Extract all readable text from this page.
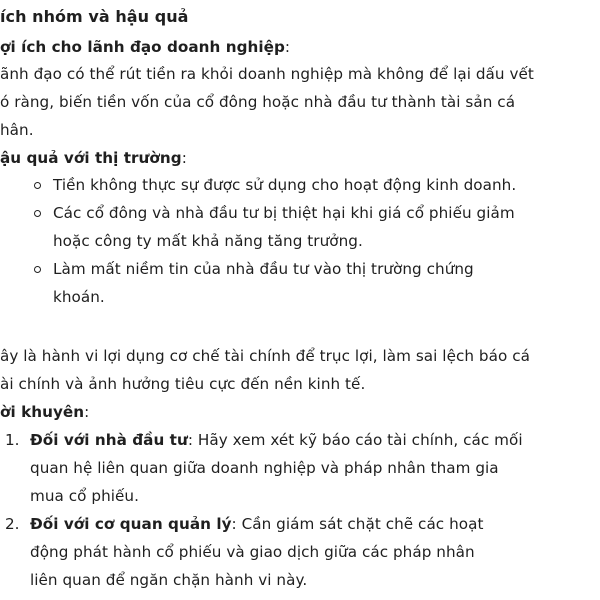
ích nhóm và hậu quả
ợi ích cho lãnh đạo doanh nghiệp:
ãnh đạo có thể rút tiền ra khỏi doanh nghiệp mà không để lại dấu vết
ó ràng, biến tiền vốn của cổ đông hoặc nhà đầu tư thành tài sản cá
hân.
ậu quả với thị trường:
Tiền không thực sự được sử dụng cho hoạt động kinh doanh.
Các cổ đông và nhà đầu tư bị thiệt hại khi giá cổ phiếu giảm
hoặc công ty mất khả năng tăng trưởng.
Làm mất niềm tin của nhà đầu tư vào thị trường chứng
khoán.
ây là hành vi lợi dụng cơ chế tài chính để trục lợi, làm sai lệch báo cá
ài chính và ảnh hưởng tiêu cực đến nền kinh tế.
ời khuyên:
1. Đối với nhà đầu tư: Hãy xem xét kỹ báo cáo tài chính, các mối
quan hệ liên quan giữa doanh nghiệp và pháp nhân tham gia
mua cổ phiếu.
2. Đối với cơ quan quản lý: Cần giám sát chặt chẽ các hoạt
động phát hành cổ phiếu và giao dịch giữa các pháp nhân
liên quan để ngăn chặn hành vi này.
